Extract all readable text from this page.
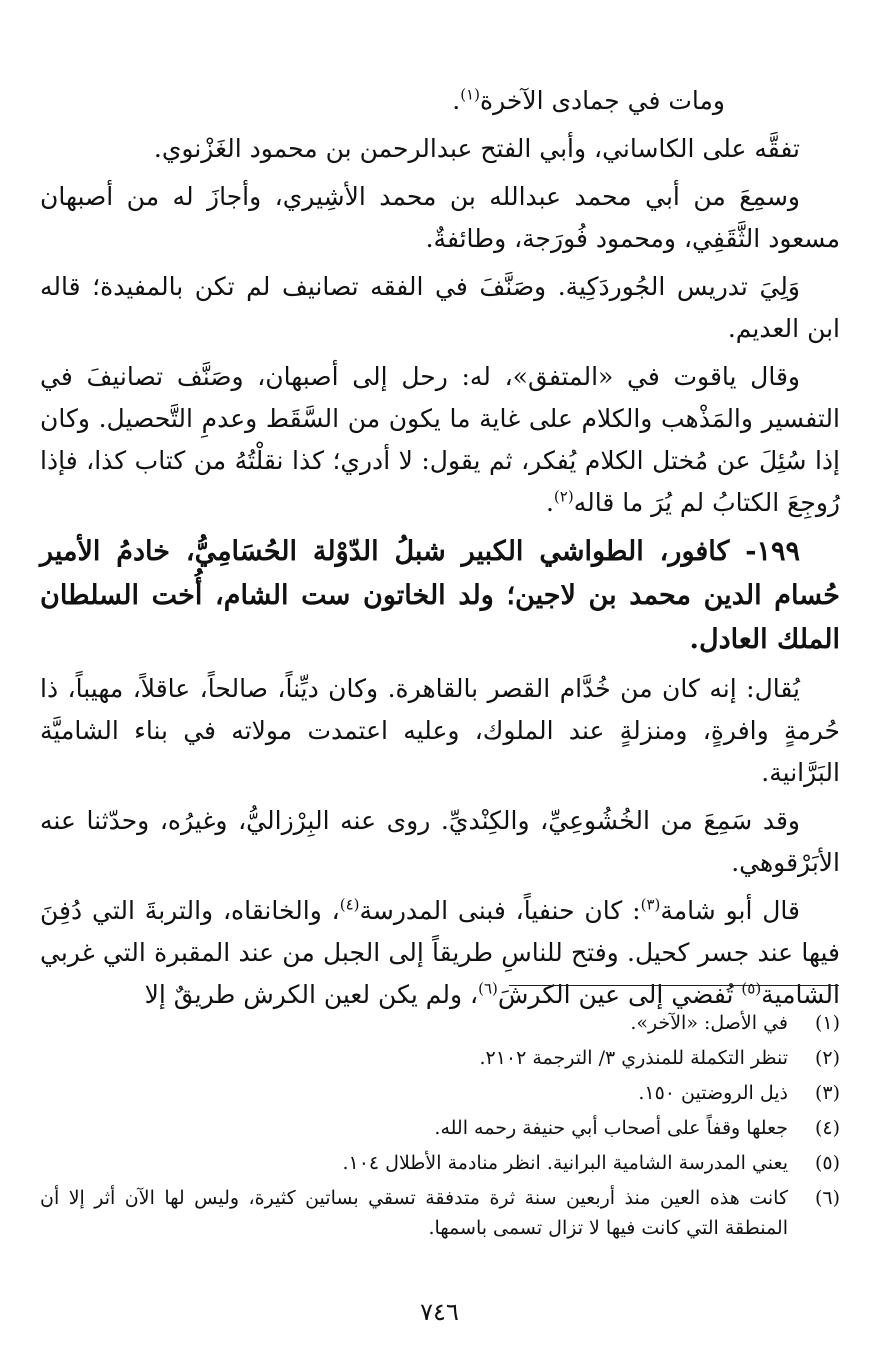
ومات في جمادى الآخرة$^{(١)}$.

تفقَّه على الكاساني، وأبي الفتح عبدالرحمن بن محمود الغَزْنوي.

وسمِعَ من أبي محمد عبدالله بن محمد الأشِيري، وأجازَ له من أصبهان مسعود الثَّقَفِي، ومحمود فُورَجة، وطائفةٌ.

وَلِيَ تدريس الجُوردَكِية. وصَنَّفَ في الفقه تصانيف لم تكن بالمفيدة؛ قاله ابن العديم.

وقال ياقوت في «المتفق»، له: رحل إلى أصبهان، وصَنَّف تصانيفَ في التفسير والمَذْهب والكلام على غاية ما يكون من السَّقَط وعدمِ التَّحصيل. وكان إذا سُئِلَ عن مُختل الكلام يُفكر، ثم يقول: لا أدري؛ كذا نقلْتُهُ من كتاب كذا، فإذا رُوجِعَ الكتابُ لم يُرَ ما قاله$^{(٢)}$.

١٩٩- كافور، الطواشي الكبير شبلُ الدّوْلة الحُسَامِيُّ، خادمُ الأمير حُسام الدين محمد بن لاجين؛ ولد الخاتون ست الشام، أُخت السلطان الملك العادل.

يُقال: إنه كان من خُدَّام القصر بالقاهرة. وكان ديِّناً، صالحاً، عاقلاً، مهيباً، ذا حُرمةٍ وافرةٍ، ومنزلةٍ عند الملوك، وعليه اعتمدت مولاته في بناء الشاميَّة البَرَّانية.

وقد سَمِعَ من الخُشُوعِيِّ، والكِنْديِّ. روى عنه البِرْزاليُّ، وغيرُه، وحدّثنا عنه الأبَرْقوهي.

قال أبو شامة$^{(٣)}$: كان حنفياً، فبنى المدرسة$^{(٤)}$، والخانقاه، والتربةَ التي دُفِنَ فيها عند جسر كحيل. وفتح للناسِ طريقاً إلى الجبل من عند المقبرة التي غربي الشامية$^{(٥)}$ تُفضي إلى عين الكرشَ$^{(٦)}$، ولم يكن لعين الكرش طريقٌ إلا

(١)
في الأصل: «الآخر».
(٢)
تنظر التكملة للمنذري ٣/ الترجمة ٢١٠٢.
(٣)
ذيل الروضتين ١٥٠.
(٤)
جعلها وقفاً على أصحاب أبي حنيفة رحمه الله.
(٥)
يعني المدرسة الشامية البرانية. انظر منادمة الأطلال ١٠٤.
(٦)
كانت هذه العين منذ أربعين سنة ثرة متدفقة تسقي بساتين كثيرة، وليس لها الآن أثر إلا أن المنطقة التي كانت فيها لا تزال تسمى باسمها.
٧٤٦
